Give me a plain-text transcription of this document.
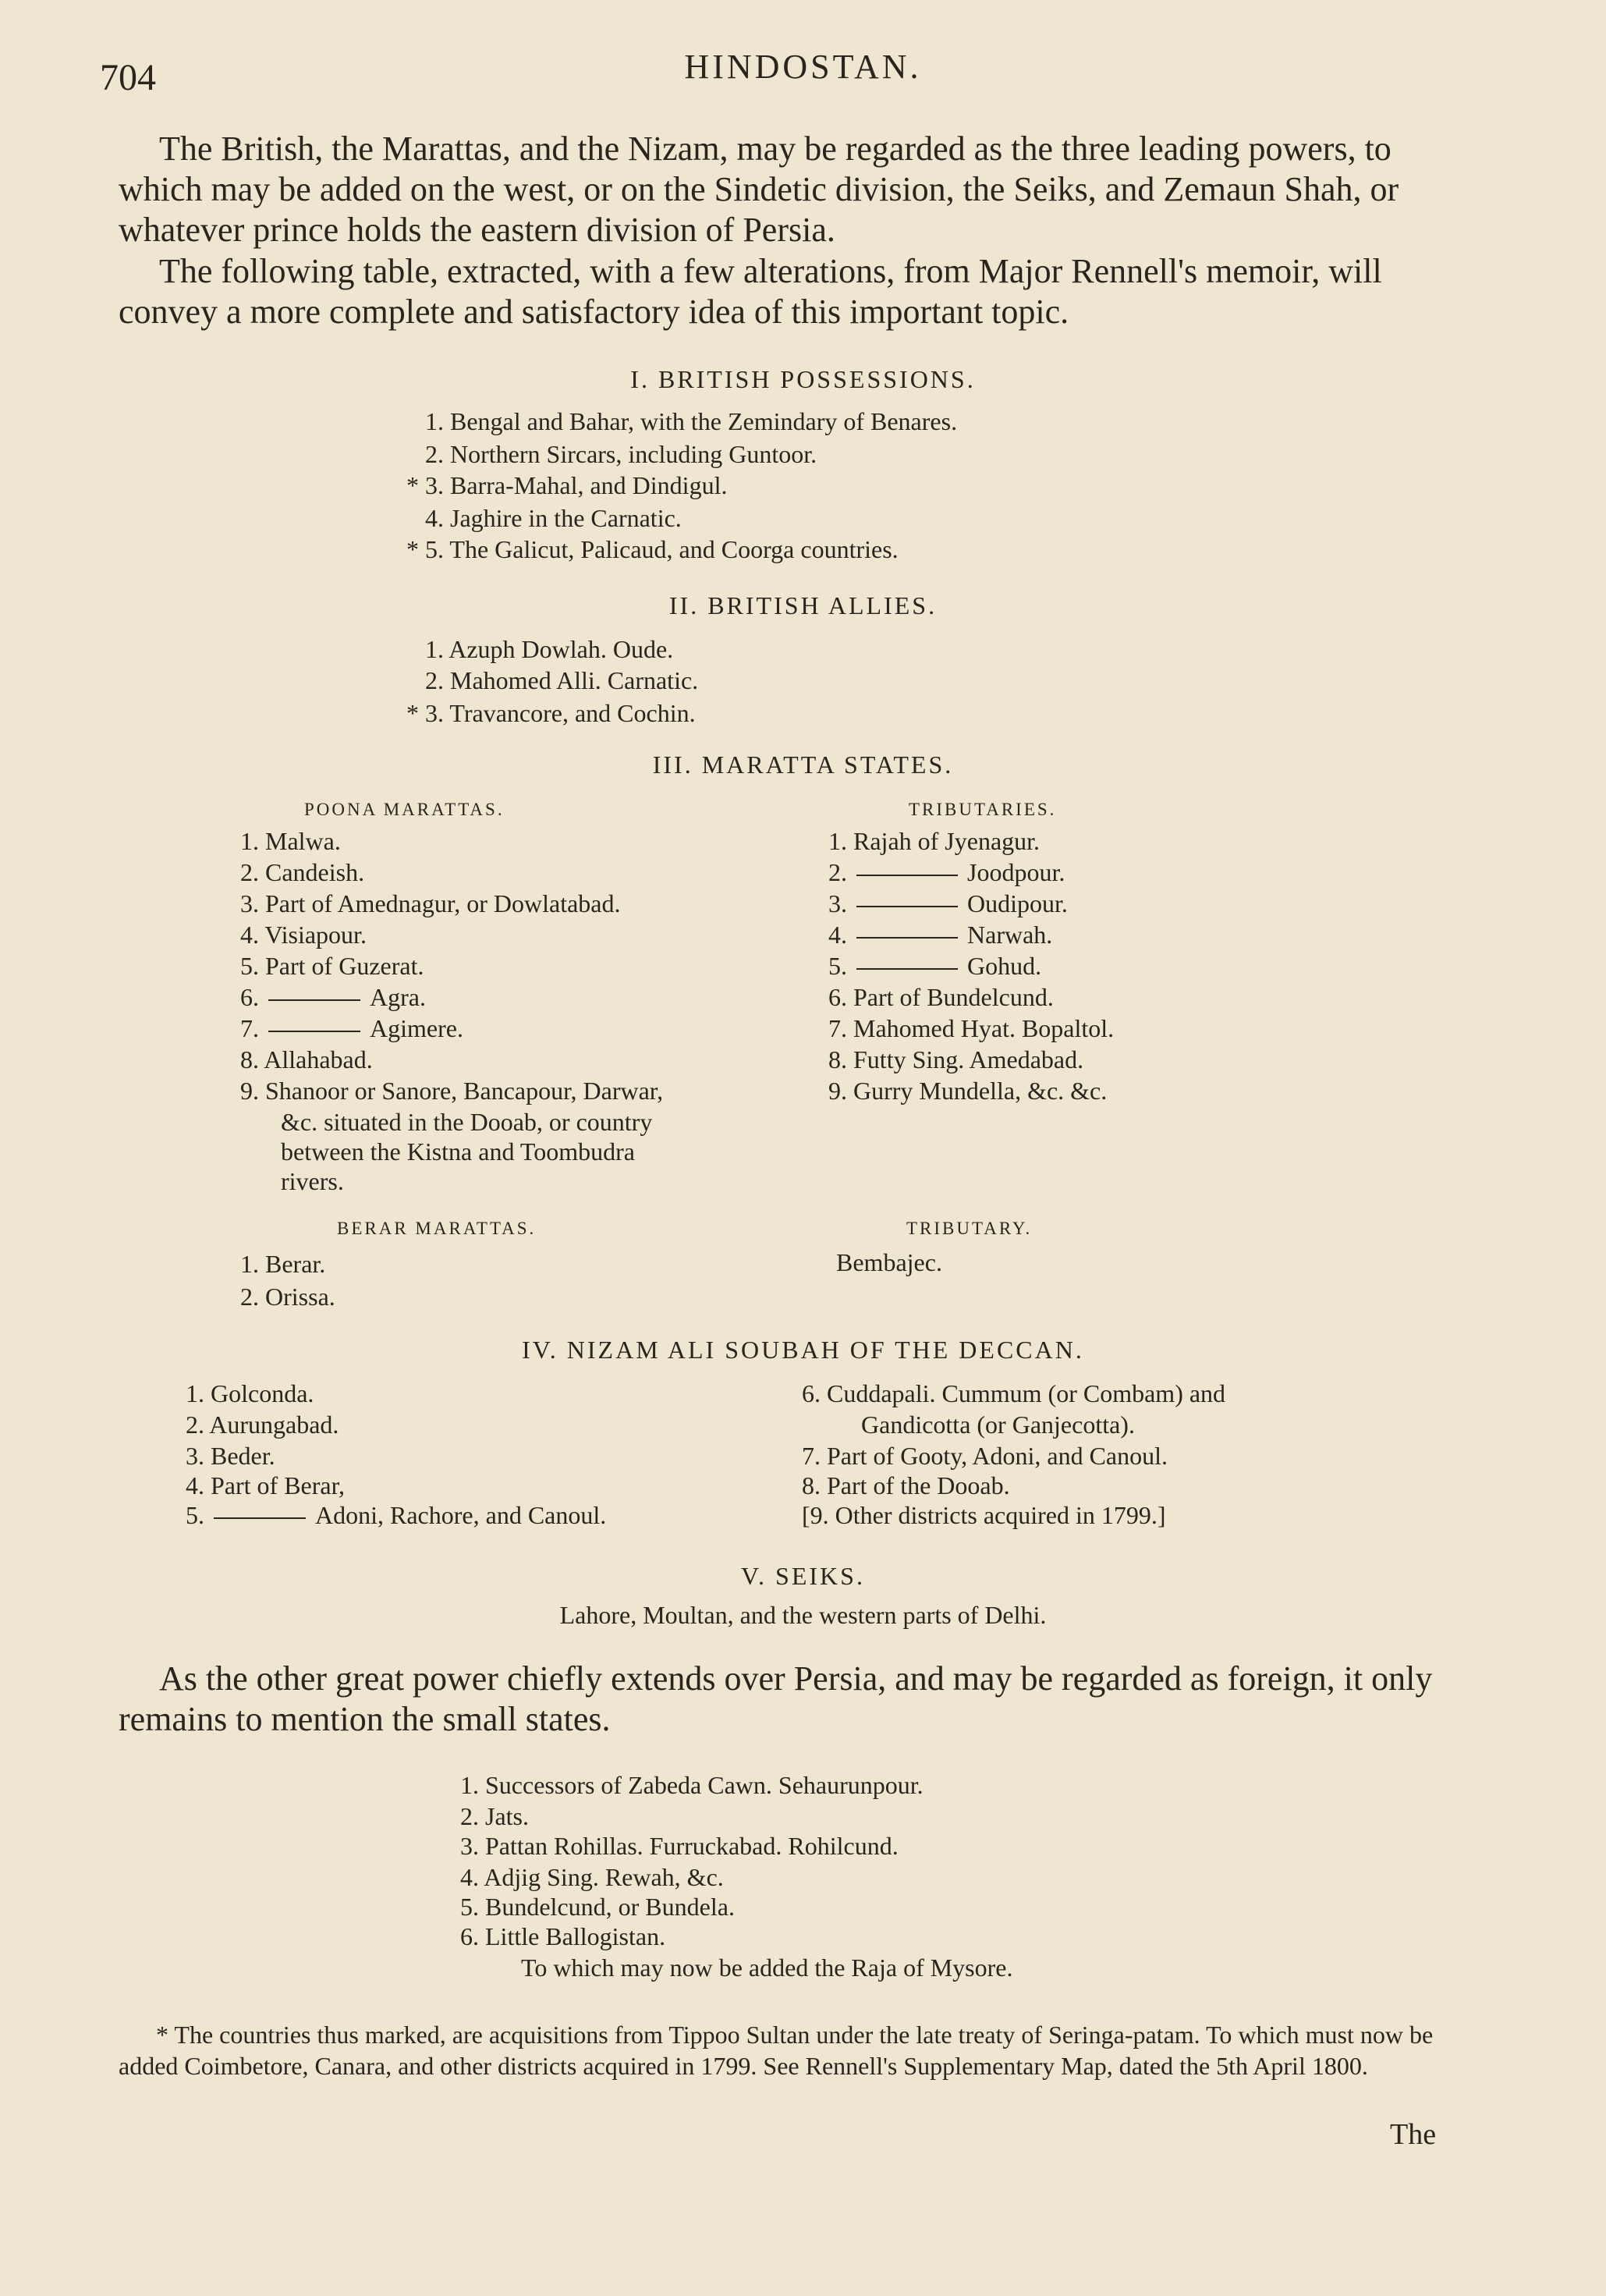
704	HINDOSTAN.
The British, the Marattas, and the Nizam, may be regarded as the three leading powers, to which may be added on the west, or on the Sindetic division, the Seiks, and Zemaun Shah, or whatever prince holds the eastern division of Persia.
The following table, extracted, with a few alterations, from Major Rennell's memoir, will convey a more complete and satisfactory idea of this important topic.
I. BRITISH POSSESSIONS.
1. Bengal and Bahar, with the Zemindary of Benares.
2. Northern Sircars, including Guntoor.
* 3. Barra-Mahal, and Dindigul.
4. Jaghire in the Carnatic.
* 5. The Galicut, Palicaud, and Coorga countries.
II. BRITISH ALLIES.
1. Azuph Dowlah. Oude.
2. Mahomed Alli. Carnatic.
* 3. Travancore, and Cochin.
III. MARATTA STATES.
POONA MARATTAS.
1. Malwa.
2. Candeish.
3. Part of Amednagur, or Dowlatabad.
4. Visiapour.
5. Part of Guzerat.
6.	Agra.
7.	Agimere.
8. Allahabad.
9. Shanoor or Sanore, Bancapour, Darwar,
&c. situated in the Dooab, or country
between the Kistna and Toombudra
rivers.
TRIBUTARIES.
1. Rajah of Jyenagur.
2.	Joodpour.
3.	Oudipour.
4.	Narwah.
5.	Gohud.
6. Part of Bundelcund.
7. Mahomed Hyat. Bopaltol.
8. Futty Sing. Amedabad.
9. Gurry Mundella, &c. &c.
BERAR MARATTAS.
1. Berar.
2. Orissa.
TRIBUTARY.
Bembajec.
IV. NIZAM ALI SOUBAH OF THE DECCAN.
1. Golconda.
2. Aurungabad.
3. Beder.
4. Part of Berar,
5.	Adoni, Rachore, and Canoul.
6. Cuddapali. Cummum (or Combam) and
Gandicotta (or Ganjecotta).
7. Part of Gooty, Adoni, and Canoul.
8. Part of the Dooab.
[9. Other districts acquired in 1799.]
V. SEIKS.
Lahore, Moultan, and the western parts of Delhi.
As the other great power chiefly extends over Persia, and may be regarded as foreign, it only remains to mention the small states.
1. Successors of Zabeda Cawn. Sehaurunpour.
2. Jats.
3. Pattan Rohillas. Furruckabad. Rohilcund.
4. Adjig Sing. Rewah, &c.
5. Bundelcund, or Bundela.
6. Little Ballogistan.
To which may now be added the Raja of Mysore.
* The countries thus marked, are acquisitions from Tippoo Sultan under the late treaty of Seringa-patam. To which must now be added Coimbetore, Canara, and other districts acquired in 1799. See Rennell's Supplementary Map, dated the 5th April 1800.
The
